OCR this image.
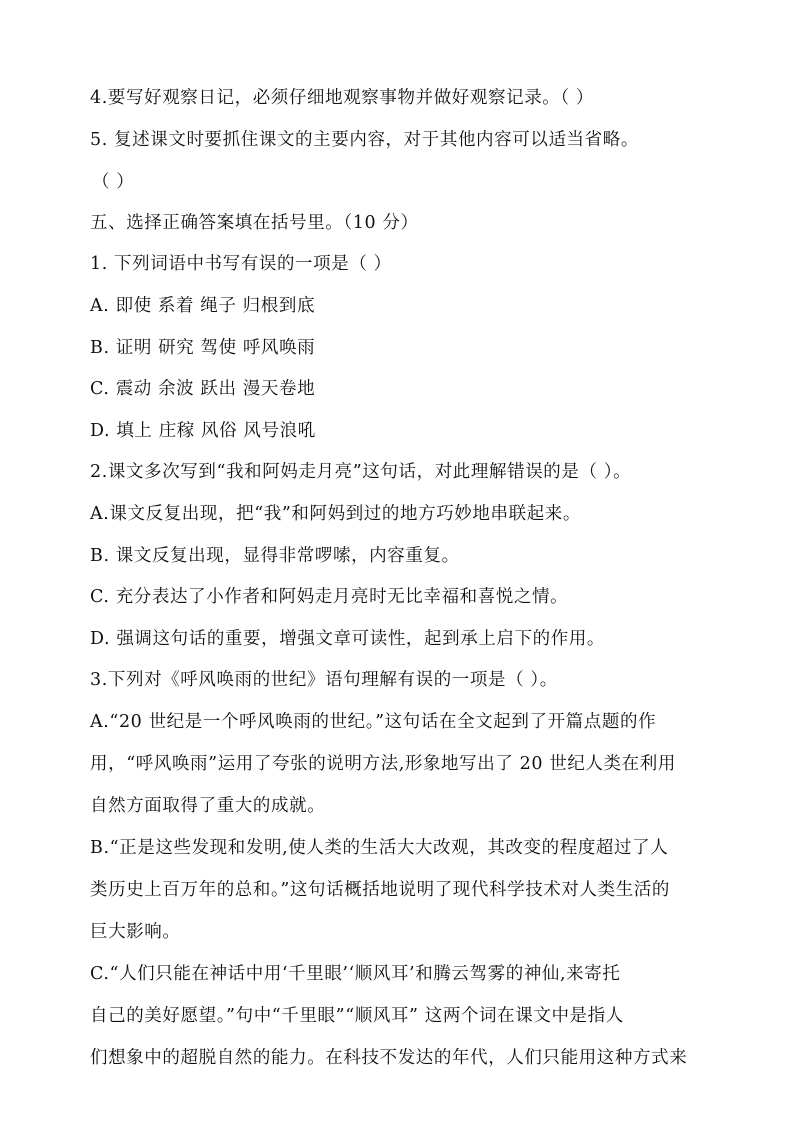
4.要写好观察日记，必须仔细地观察事物并做好观察记录。（ ）
5. 复述课文时要抓住课文的主要内容，对于其他内容可以适当省略。
（ ）
五、选择正确答案填在括号里。（10 分）
1. 下列词语中书写有误的一项是（ ）
A. 即使 系着 绳子 归根到底
B. 证明 研究 驾使 呼风唤雨
C. 震动 余波 跃出 漫天卷地
D. 填上 庄稼 风俗 风号浪吼
2.课文多次写到“我和阿妈走月亮”这句话，对此理解错误的是（ ）。
A.课文反复出现，把“我”和阿妈到过的地方巧妙地串联起来。
B. 课文反复出现，显得非常啰嗦，内容重复。
C. 充分表达了小作者和阿妈走月亮时无比幸福和喜悦之情。
D. 强调这句话的重要，增强文章可读性，起到承上启下的作用。
3.下列对《呼风唤雨的世纪》语句理解有误的一项是（ ）。
A.“20 世纪是一个呼风唤雨的世纪。”这句话在全文起到了开篇点题的作
用，“呼风唤雨”运用了夸张的说明方法,形象地写出了 20 世纪人类在利用
自然方面取得了重大的成就。
B.“正是这些发现和发明,使人类的生活大大改观，其改变的程度超过了人
类历史上百万年的总和。”这句话概括地说明了现代科学技术对人类生活的
巨大影响。
C.“人们只能在神话中用‘千里眼’‘顺风耳’和腾云驾雾的神仙,来寄托
自己的美好愿望。”句中“千里眼”“顺风耳” 这两个词在课文中是指人
们想象中的超脱自然的能力。在科技不发达的年代，人们只能用这种方式来
